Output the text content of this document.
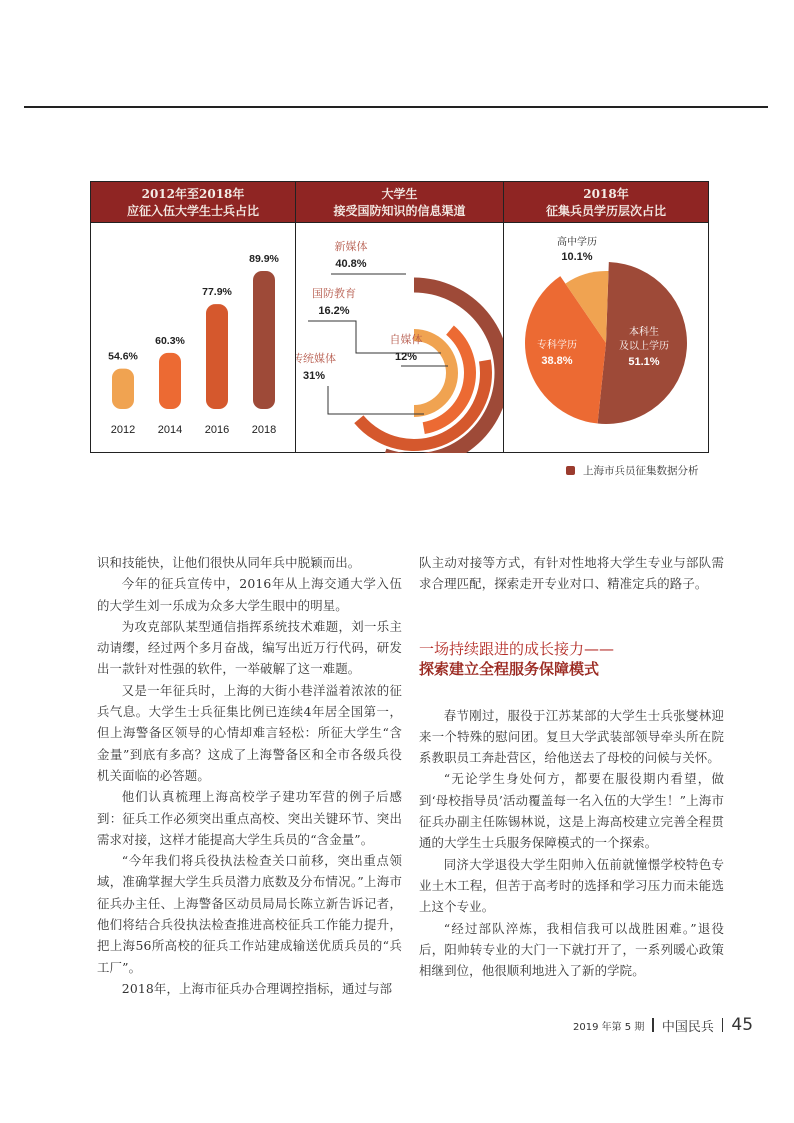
2012年至2018年
应征入伍大学生士兵占比
54.6%
2012
60.3%
2014
77.9%
2016
89.9%
2018
大学生
接受国防知识的信息渠道
新媒体
40.8%
国防教育
16.2%
自媒体
12%
传统媒体
31%
2018年
征集兵员学历层次占比
本科生
及以上学历
51.1%
专科学历
38.8%
高中学历
10.1%
上海市兵员征集数据分析

识和技能快，让他们很快从同年兵中脱颖而出。

今年的征兵宣传中，2016年从上海交通大学入伍的大学生刘一乐成为众多大学生眼中的明星。

为攻克部队某型通信指挥系统技术难题，刘一乐主动请缨，经过两个多月奋战，编写出近万行代码，研发出一款针对性强的软件，一举破解了这一难题。

又是一年征兵时，上海的大街小巷洋溢着浓浓的征兵气息。大学生士兵征集比例已连续4年居全国第一，但上海警备区领导的心情却难言轻松：所征大学生“含金量”到底有多高？这成了上海警备区和全市各级兵役机关面临的必答题。

他们认真梳理上海高校学子建功军营的例子后感到：征兵工作必须突出重点高校、突出关键环节、突出需求对接，这样才能提高大学生兵员的“含金量”。

“今年我们将兵役执法检查关口前移，突出重点领域，准确掌握大学生兵员潜力底数及分布情况。”上海市征兵办主任、上海警备区动员局局长陈立新告诉记者，他们将结合兵役执法检查推进高校征兵工作能力提升，把上海56所高校的征兵工作站建成输送优质兵员的“兵工厂”。

2018年，上海市征兵办合理调控指标，通过与部

队主动对接等方式，有针对性地将大学生专业与部队需求合理匹配，探索走开专业对口、精准定兵的路子。

一场持续跟进的成长接力——
探索建立全程服务保障模式

春节刚过，服役于江苏某部的大学生士兵张燮林迎来一个特殊的慰问团。复旦大学武装部领导牵头所在院系教职员工奔赴营区，给他送去了母校的问候与关怀。

“无论学生身处何方，都要在服役期内看望，做到‘母校指导员’活动覆盖每一名入伍的大学生！”上海市征兵办副主任陈锡林说，这是上海高校建立完善全程贯通的大学生士兵服务保障模式的一个探索。

同济大学退役大学生阳帅入伍前就憧憬学校特色专业土木工程，但苦于高考时的选择和学习压力而未能选上这个专业。

“经过部队淬炼，我相信我可以战胜困难。”退役后，阳帅转专业的大门一下就打开了，一系列暖心政策相继到位，他很顺利地进入了新的学院。

2019 年第 5 期 中国民兵 45
